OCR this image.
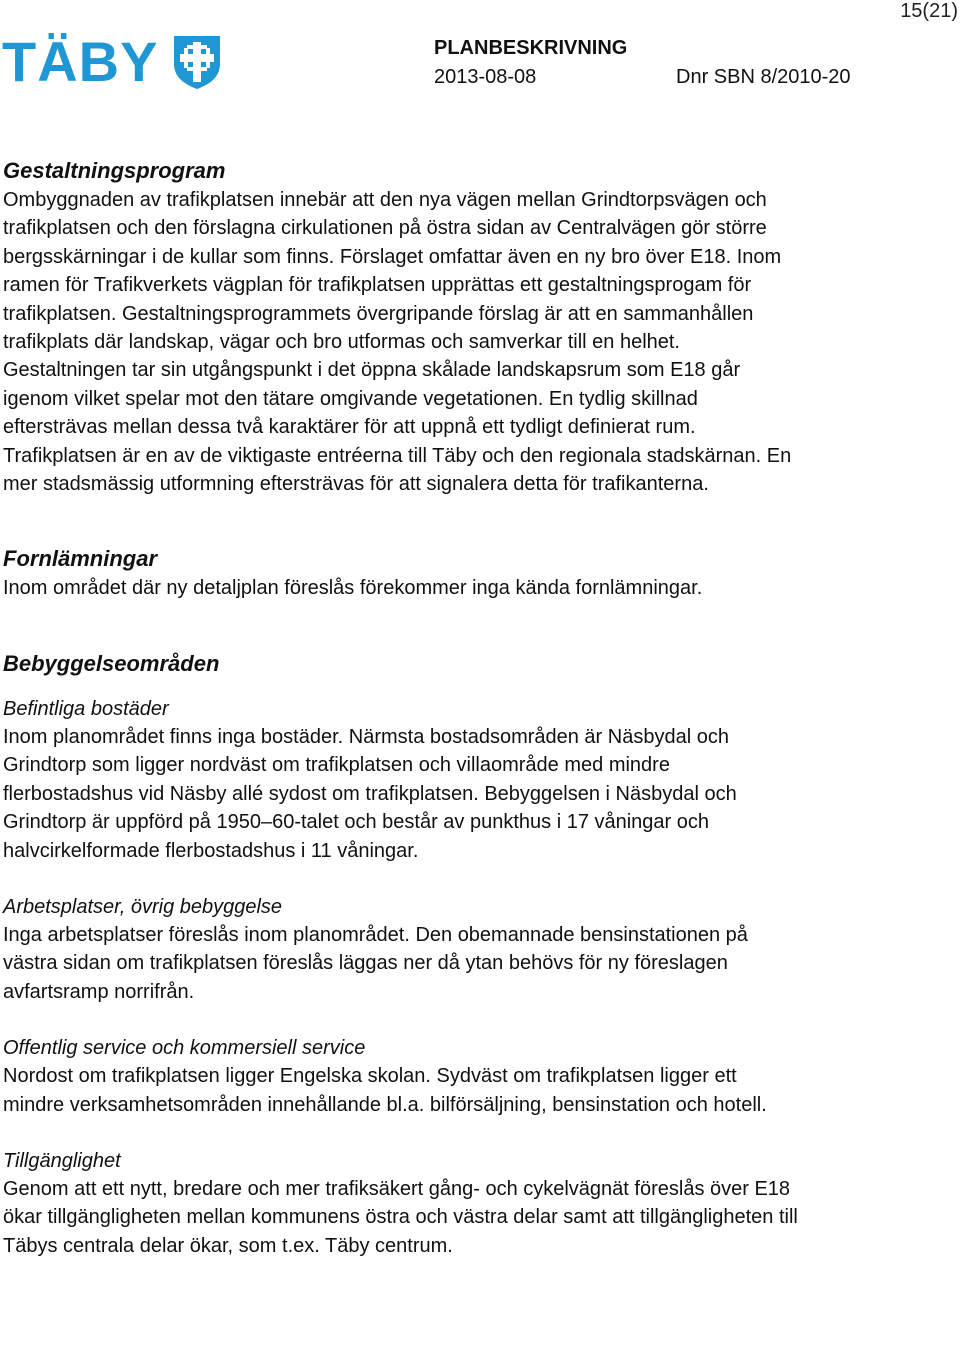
15(21)
TÄBY	PLANBESKRIVNING
2013-08-08	Dnr SBN 8/2010-20
Gestaltningsprogram

Ombyggnaden av trafikplatsen innebär att den nya vägen mellan Grindtorpsvägen och trafikplatsen och den förslagna cirkulationen på östra sidan av Centralvägen gör större bergsskärningar i de kullar som finns. Förslaget omfattar även en ny bro över E18. Inom ramen för Trafikverkets vägplan för trafikplatsen upprättas ett gestaltningsprogam för trafikplatsen. Gestaltningsprogrammets övergripande förslag är att en sammanhållen trafikplats där landskap, vägar och bro utformas och samverkar till en helhet. Gestaltningen tar sin utgångspunkt i det öppna skålade landskapsrum som E18 går igenom vilket spelar mot den tätare omgivande vegetationen. En tydlig skillnad eftersträvas mellan dessa två karaktärer för att uppnå ett tydligt definierat rum. Trafikplatsen är en av de viktigaste entréerna till Täby och den regionala stadskärnan. En mer stadsmässig utformning eftersträvas för att signalera detta för trafikanterna.

Fornlämningar

Inom området där ny detaljplan föreslås förekommer inga kända fornlämningar.

Bebyggelseområden
Befintliga bostäder

Inom planområdet finns inga bostäder. Närmsta bostadsområden är Näsbydal och Grindtorp som ligger nordväst om trafikplatsen och villaområde med mindre flerbostadshus vid Näsby allé sydost om trafikplatsen. Bebyggelsen i Näsbydal och Grindtorp är uppförd på 1950–60-talet och består av punkthus i 17 våningar och halvcirkelformade flerbostadshus i 11 våningar.

Arbetsplatser, övrig bebyggelse

Inga arbetsplatser föreslås inom planområdet. Den obemannade bensinstationen på västra sidan om trafikplatsen föreslås läggas ner då ytan behövs för ny föreslagen avfartsramp norrifrån.

Offentlig service och kommersiell service

Nordost om trafikplatsen ligger Engelska skolan. Sydväst om trafikplatsen ligger ett mindre verksamhetsområden innehållande bl.a. bilförsäljning, bensinstation och hotell.

Tillgänglighet

Genom att ett nytt, bredare och mer trafiksäkert gång- och cykelvägnät föreslås över E18 ökar tillgängligheten mellan kommunens östra och västra delar samt att tillgängligheten till Täbys centrala delar ökar, som t.ex. Täby centrum.
